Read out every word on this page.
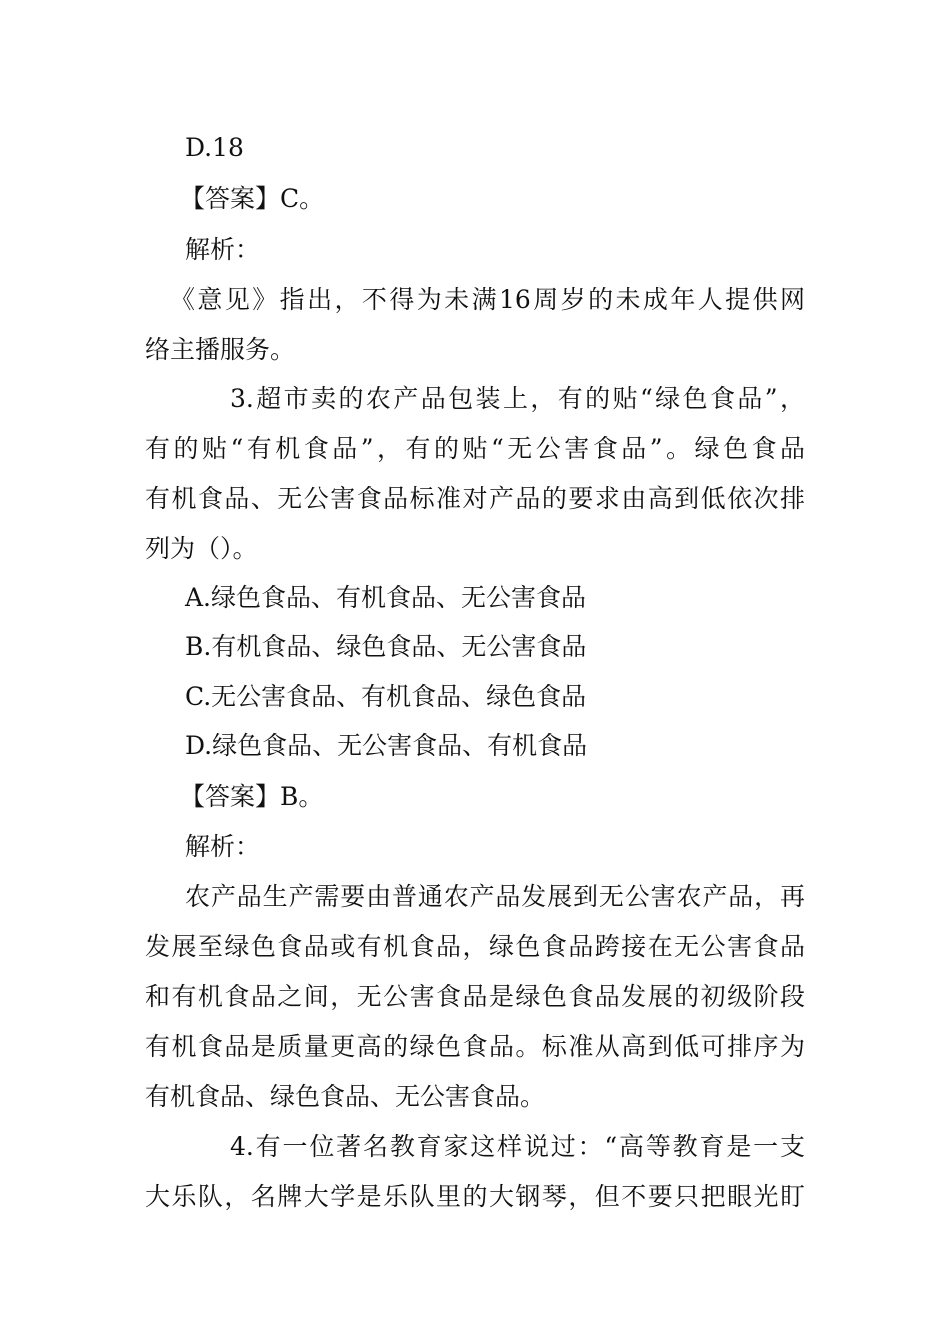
D.18
【答案】C。
解析：
《意见》指出，不得为未满16周岁的未成年人提供网
络主播服务。
3.超市卖的农产品包装上，有的贴“绿色食品”，
有的贴“有机食品”，有的贴“无公害食品”。绿色食品
有机食品、无公害食品标准对产品的要求由高到低依次排
列为（）。
A.绿色食品、有机食品、无公害食品
B.有机食品、绿色食品、无公害食品
C.无公害食品、有机食品、绿色食品
D.绿色食品、无公害食品、有机食品
【答案】B。
解析：
农产品生产需要由普通农产品发展到无公害农产品，再
发展至绿色食品或有机食品，绿色食品跨接在无公害食品
和有机食品之间，无公害食品是绿色食品发展的初级阶段
有机食品是质量更高的绿色食品。标准从高到低可排序为
有机食品、绿色食品、无公害食品。
4.有一位著名教育家这样说过：“高等教育是一支
大乐队，名牌大学是乐队里的大钢琴，但不要只把眼光盯
